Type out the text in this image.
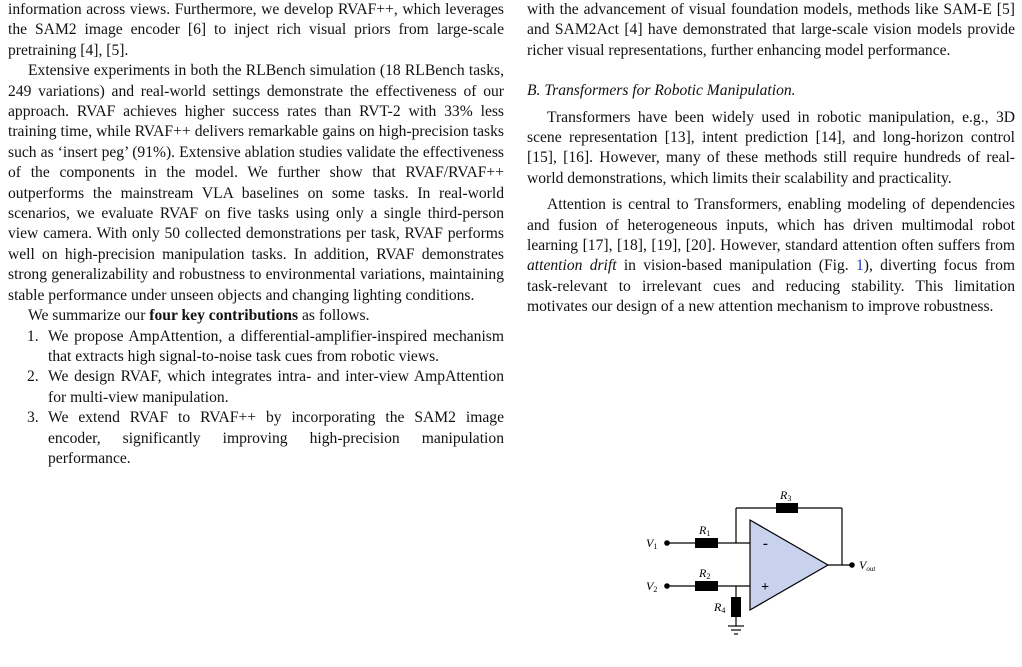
information across views. Furthermore, we develop RVAF++, which leverages the SAM2 image encoder [6] to inject rich visual priors from large-scale pretraining [4], [5].

Extensive experiments in both the RLBench simulation (18 RLBench tasks, 249 variations) and real-world settings demonstrate the effectiveness of our approach. RVAF achieves higher success rates than RVT-2 with 33% less training time, while RVAF++ delivers remarkable gains on high-precision tasks such as ‘insert peg’ (91%). Extensive ablation studies validate the effectiveness of the components in the model. We further show that RVAF/RVAF++ outperforms the mainstream VLA baselines on some tasks. In real-world scenarios, we evaluate RVAF on five tasks using only a single third-person view camera. With only 50 collected demonstrations per task, RVAF performs well on high-precision manipulation tasks. In addition, RVAF demonstrates strong generalizability and robustness to environmental variations, maintaining stable performance under unseen objects and changing lighting conditions.

We summarize our four key contributions as follows.

1. We propose AmpAttention, a differential-amplifier-inspired mechanism that extracts high signal-to-noise task cues from robotic views.
2. We design RVAF, which integrates intra- and inter-view AmpAttention for multi-view manipulation.
3. We extend RVAF to RVAF++ by incorporating the SAM2 image encoder, significantly improving high-precision manipulation performance.

with the advancement of visual foundation models, methods like SAM-E [5] and SAM2Act [4] have demonstrated that large-scale vision models provide richer visual representations, further enhancing model performance.

B. Transformers for Robotic Manipulation.

Transformers have been widely used in robotic manipulation, e.g., 3D scene representation [13], intent prediction [14], and long-horizon control [15], [16]. However, many of these methods still require hundreds of real-world demonstrations, which limits their scalability and practicality.

Attention is central to Transformers, enabling modeling of dependencies and fusion of heterogeneous inputs, which has driven multimodal robot learning [17], [18], [19], [20]. However, standard attention often suffers from attention drift in vision-based manipulation (Fig. 1), diverting focus from task-relevant to irrelevant cues and reducing stability. This limitation motivates our design of a new attention mechanism to improve robustness.

R1
R2
R3
R4
V1
V2
Vout
-
+
